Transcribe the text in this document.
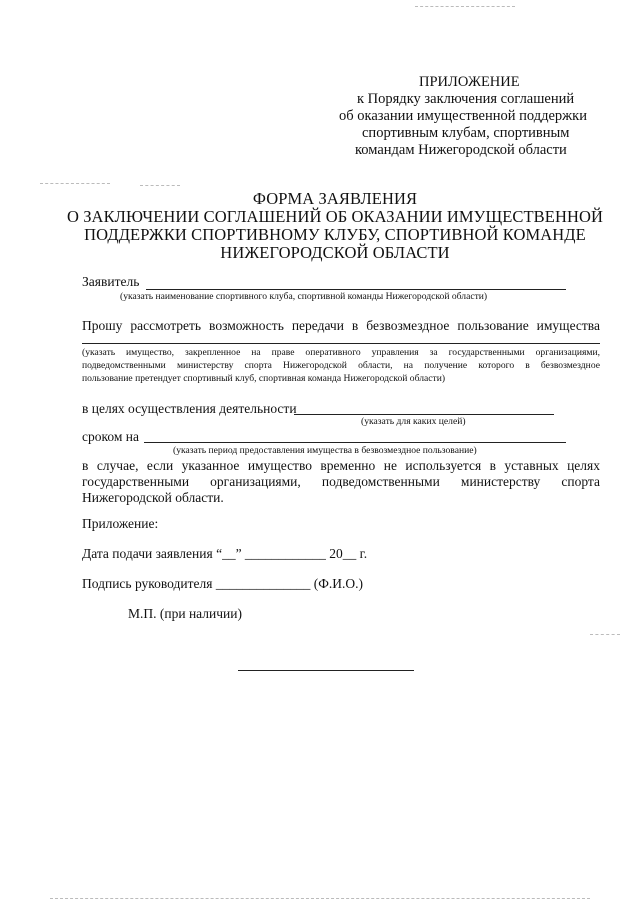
ПРИЛОЖЕНИЕ
к Порядку заключения соглашений
об оказании имущественной поддержки
спортивным клубам, спортивным
командам Нижегородской области
ФОРМА ЗАЯВЛЕНИЯ
О ЗАКЛЮЧЕНИИ СОГЛАШЕНИЙ ОБ ОКАЗАНИИ ИМУЩЕСТВЕННОЙ
ПОДДЕРЖКИ СПОРТИВНОМУ КЛУБУ, СПОРТИВНОЙ КОМАНДЕ
НИЖЕГОРОДСКОЙ ОБЛАСТИ
Заявитель
(указать наименование спортивного клуба, спортивной команды Нижегородской области)
Прошу рассмотреть возможность передачи в безвозмездное пользование имущества
(указать имущество, закрепленное на праве оперативного управления за государственными организациями,
подведомственными министерству спорта Нижегородской области, на получение которого в безвозмездное
пользование претендует спортивный клуб, спортивная команда Нижегородской области)
в целях осуществления деятельности
(указать для каких целей)
сроком на
(указать период предоставления имущества в безвозмездное пользование)
в случае, если указанное имущество временно не используется в уставных целях
государственными организациями, подведомственными министерству спорта
Нижегородской области.
Приложение:
Дата подачи заявления “__” ____________ 20__ г.
Подпись руководителя ______________ (Ф.И.О.)
М.П. (при наличии)
